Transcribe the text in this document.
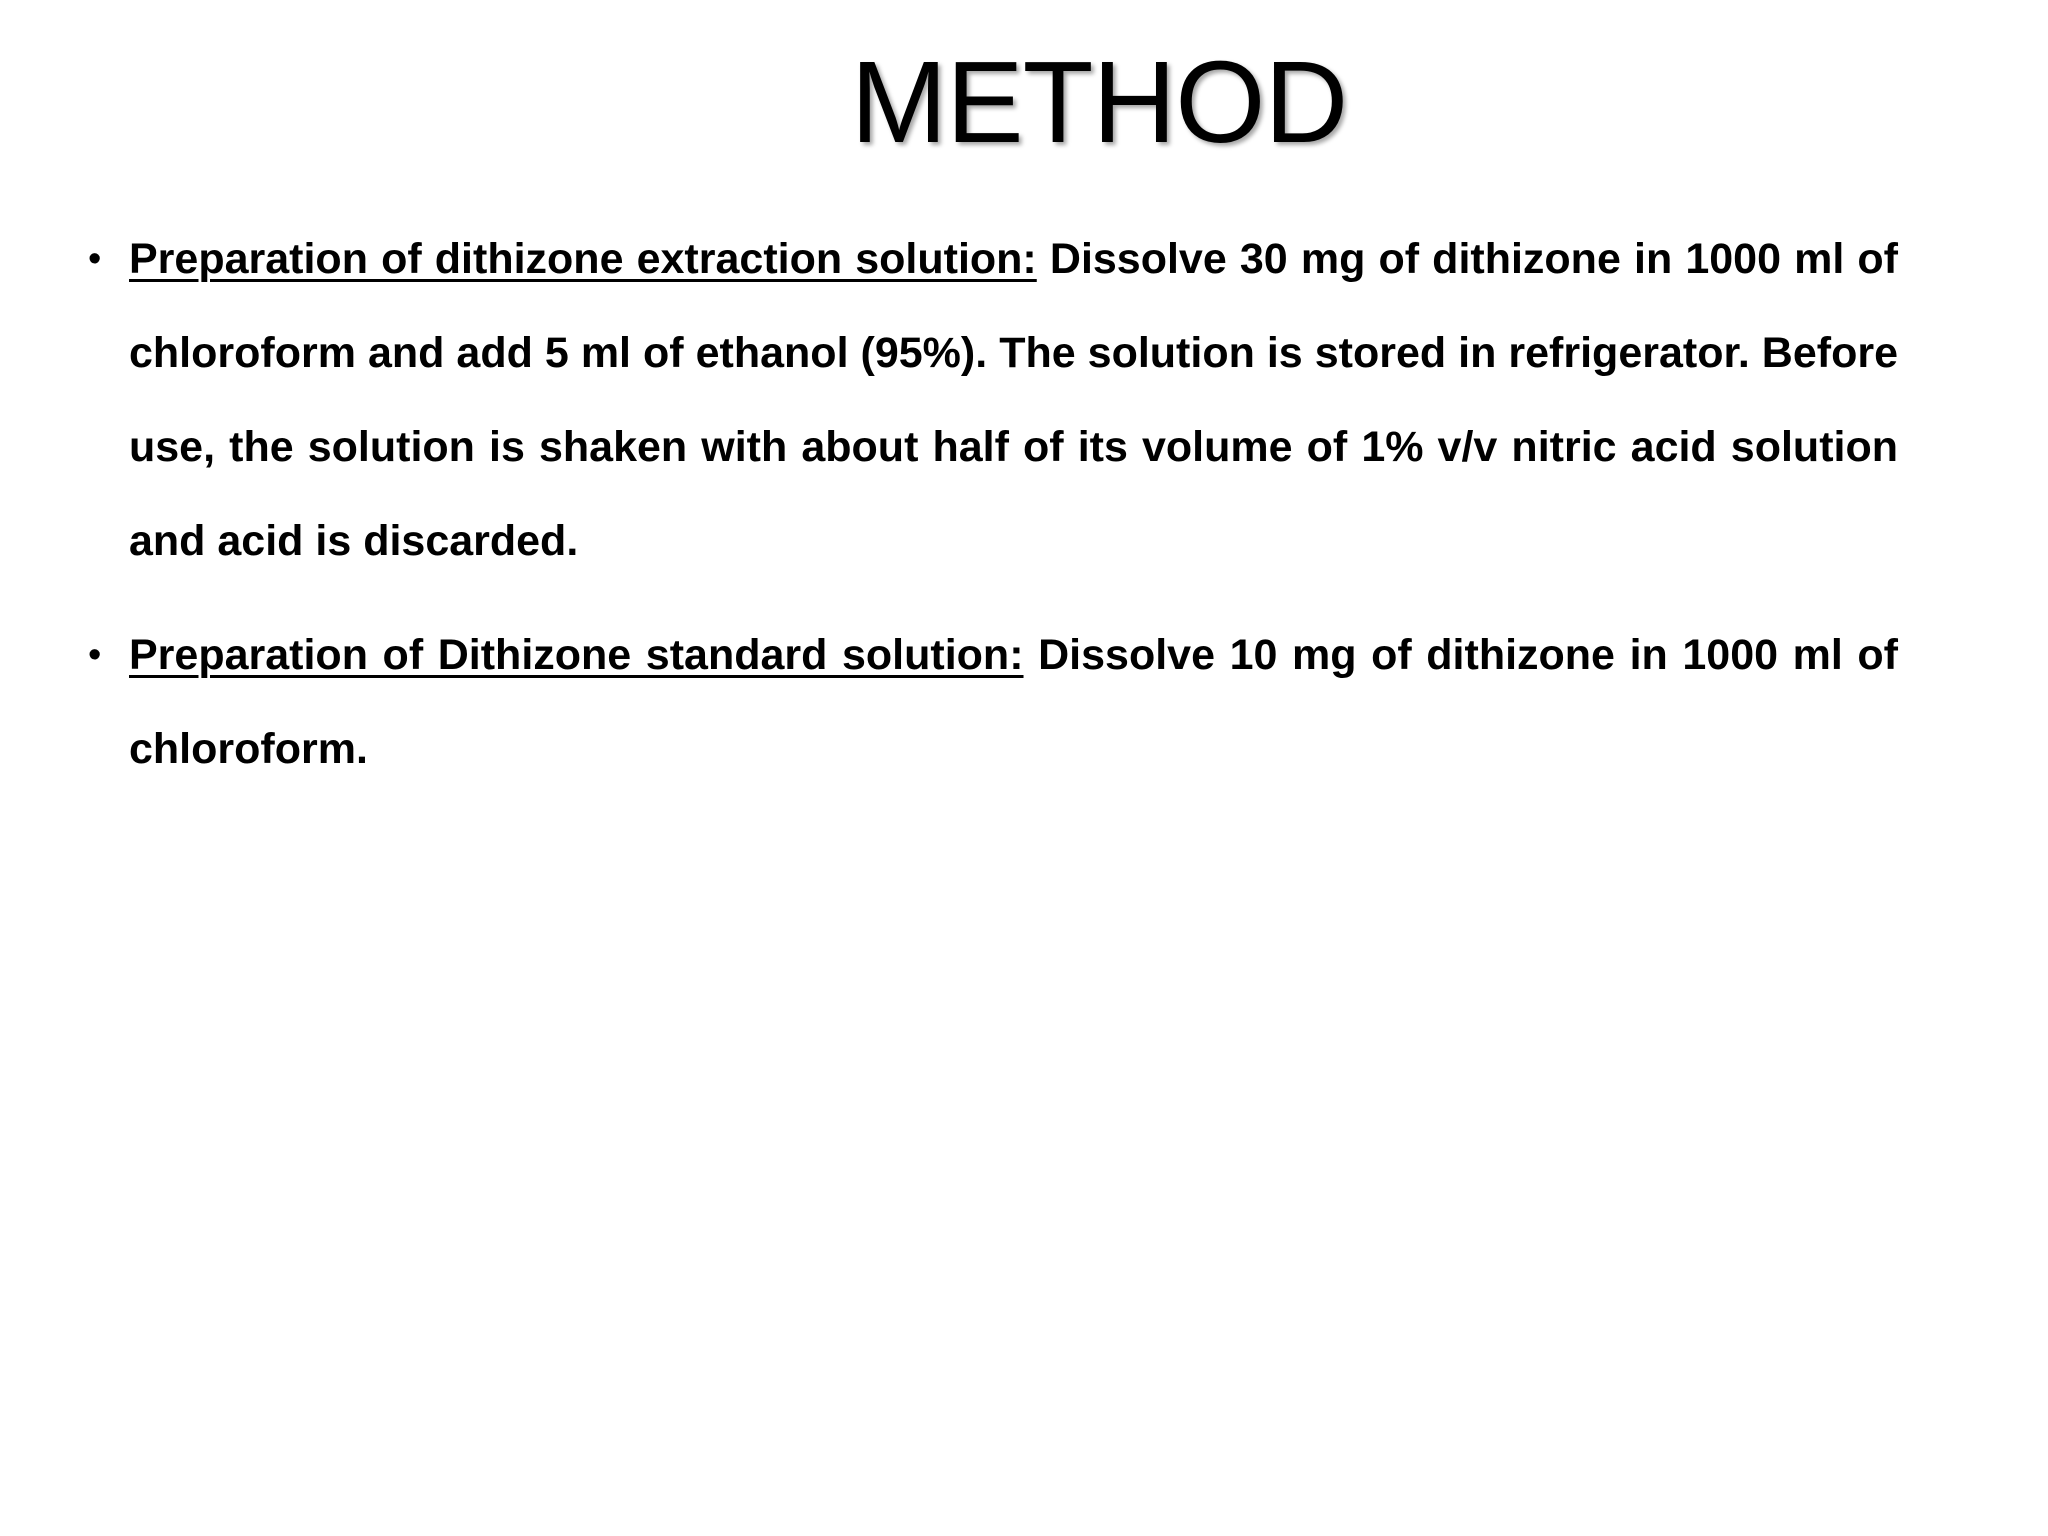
METHOD
• Preparation of dithizone extraction solution: Dissolve 30 mg of dithizone in 1000 ml of chloroform and add 5 ml of ethanol (95%). The solution is stored in refrigerator. Before use, the solution is shaken with about half of its volume of 1% v/v nitric acid solution and acid is discarded.
• Preparation of Dithizone standard solution: Dissolve 10 mg of dithizone in 1000 ml of chloroform.
